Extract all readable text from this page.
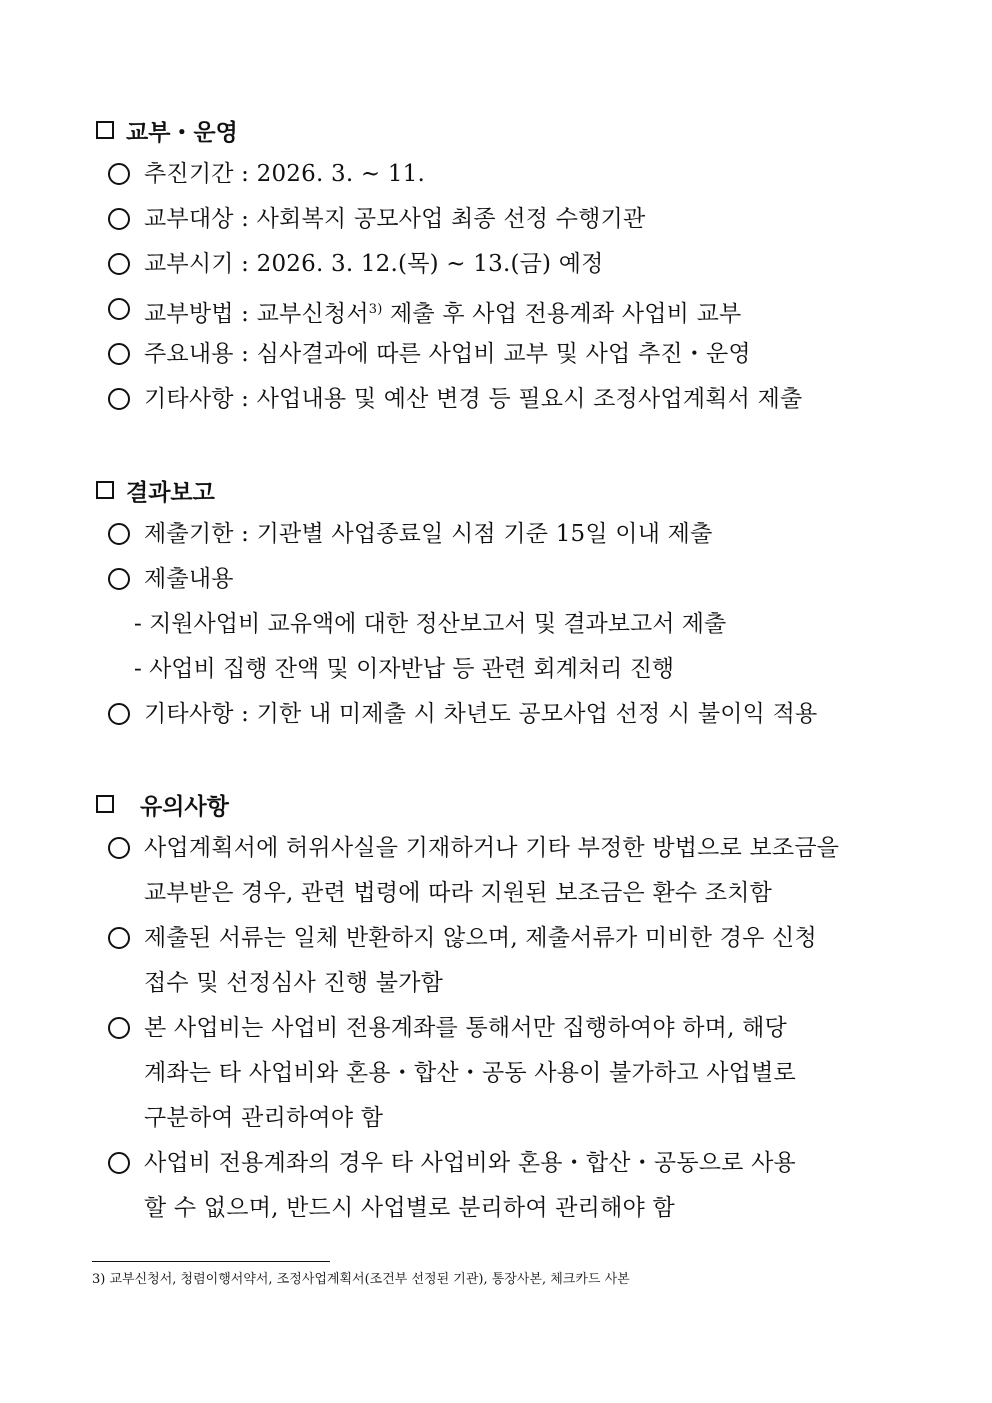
교부・운영
추진기간 : 2026. 3. ~ 11.
교부대상 : 사회복지 공모사업 최종 선정 수행기관
교부시기 : 2026. 3. 12.(목) ~ 13.(금) 예정
교부방법 : 교부신청서$^{3)}$ 제출 후 사업 전용계좌 사업비 교부
주요내용 : 심사결과에 따른 사업비 교부 및 사업 추진・운영
기타사항 : 사업내용 및 예산 변경 등 필요시 조정사업계획서 제출
결과보고
제출기한 : 기관별 사업종료일 시점 기준 15일 이내 제출
제출내용
- 지원사업비 교유액에 대한 정산보고서 및 결과보고서 제출
- 사업비 집행 잔액 및 이자반납 등 관련 회계처리 진행
기타사항 : 기한 내 미제출 시 차년도 공모사업 선정 시 불이익 적용
유의사항
사업계획서에 허위사실을 기재하거나 기타 부정한 방법으로 보조금을
교부받은 경우, 관련 법령에 따라 지원된 보조금은 환수 조치함
제출된 서류는 일체 반환하지 않으며, 제출서류가 미비한 경우 신청
접수 및 선정심사 진행 불가함
본 사업비는 사업비 전용계좌를 통해서만 집행하여야 하며, 해당
계좌는 타 사업비와 혼용・합산・공동 사용이 불가하고 사업별로
구분하여 관리하여야 함
사업비 전용계좌의 경우 타 사업비와 혼용・합산・공동으로 사용
할 수 없으며, 반드시 사업별로 분리하여 관리해야 함
3) 교부신청서, 청렴이행서약서, 조정사업계획서(조건부 선정된 기관), 통장사본, 체크카드 사본
